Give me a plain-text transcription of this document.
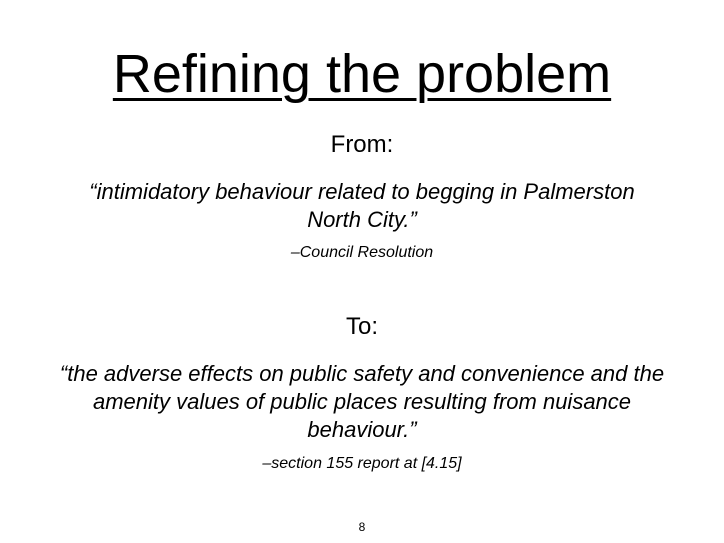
Refining the problem
From:
“intimidatory behaviour related to begging in Palmerston North City.”
–Council Resolution
To:
“the adverse effects on public safety and convenience and the amenity values of public places resulting from nuisance behaviour.”
–section 155 report at [4.15]
8
